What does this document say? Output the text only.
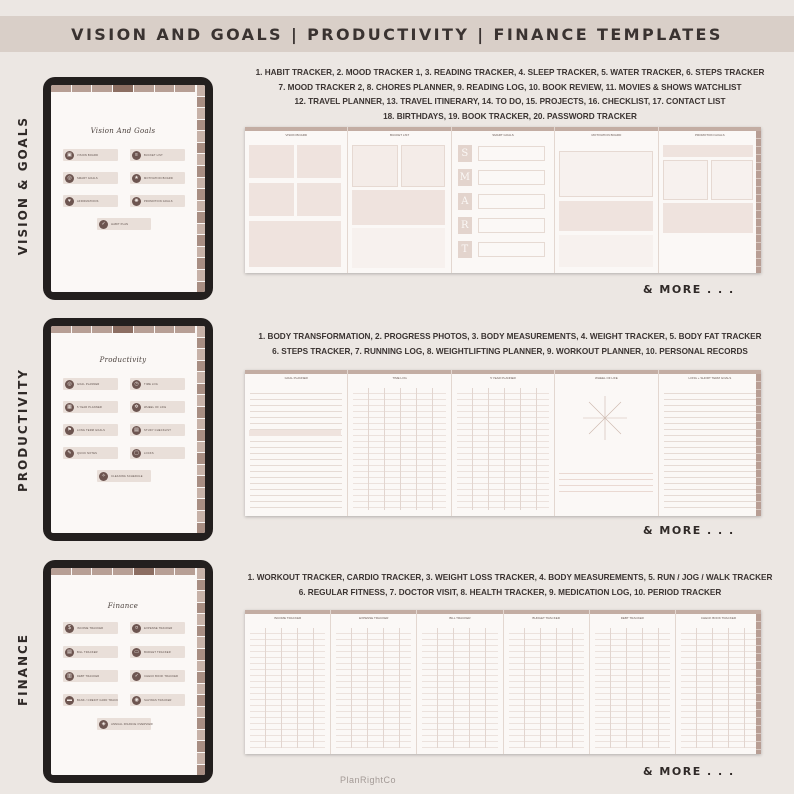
VISION AND GOALS | PRODUCTIVITY | FINANCE TEMPLATES
VISION & GOALS	Vision And Goals
▣	VISION BOARD	≡	BUCKET LIST
◎	SMART GOALS	★	MOTIVATION BOARD
♥	AFFIRMATIONS	✺	PROMOTION GOALS
✓	HABIT PLAN
1. HABIT TRACKER, 2. MOOD TRACKER 1, 3. READING TRACKER, 4. SLEEP TRACKER, 5. WATER TRACKER, 6. STEPS TRACKER
7. MOOD TRACKER 2, 8. CHORES PLANNER, 9. READING LOG, 10. BOOK REVIEW, 11. MOVIES & SHOWS WATCHLIST
12. TRAVEL PLANNER, 13. TRAVEL ITINERARY, 14. TO DO, 15. PROJECTS, 16. CHECKLIST, 17. CONTACT LIST
18. BIRTHDAYS, 19. BOOK TRACKER, 20. PASSWORD TRACKER
VISION BOARD	BUCKET LIST	SMART GOALS
S
M
A
R
T
MOTIVATION BOARD	PROMOTION GOALS
& MORE . . .
PRODUCTIVITY
Productivity
◎	GOAL PLANNER	◷	TIME LOG
▦	5 YEAR PLANNER	✲	WHEEL OF LIFE
⚑	LONG TERM GOALS	▤	STUDY CHECKLIST
✎	QUICK NOTES	▢	LOCKS
✧	CLEANING SCHEDULE
1. BODY TRANSFORMATION, 2. PROGRESS PHOTOS, 3. BODY MEASUREMENTS, 4. WEIGHT TRACKER, 5. BODY FAT TRACKER
6. STEPS TRACKER, 7. RUNNING LOG, 8. WEIGHTLIFTING PLANNER, 9. WORKOUT PLANNER, 10. PERSONAL RECORDS
GOAL PLANNER	TIME LOG	5 YEAR PLANNER	WHEEL OF LIFE	LONG + SHORT TERM GOALS
& MORE . . .
FINANCE
Finance
$	INCOME TRACKER	¤	EXPENSE TRACKER
▤	BILL TRACKER	▭	BUDGET TRACKER
▥	DEBT TRACKER	✓	CHECK BOOK TRACKER
▬	BANK / CREDIT CARD TRACK	◉	SAVINGS TRACKER
◈	ANNUAL FINANCE OVERVIEW
1. WORKOUT TRACKER, CARDIO TRACKER, 3. WEIGHT LOSS TRACKER, 4. BODY MEASUREMENTS, 5. RUN / JOG / WALK TRACKER
6. REGULAR FITNESS, 7. DOCTOR VISIT, 8. HEALTH TRACKER, 9. MEDICATION LOG, 10. PERIOD TRACKER
INCOME TRACKER	EXPENSE TRACKER	BILL TRACKER	BUDGET TRACKER	DEBT TRACKER	CHECK BOOK TRACKER
& MORE . . .
PlanRightCo
